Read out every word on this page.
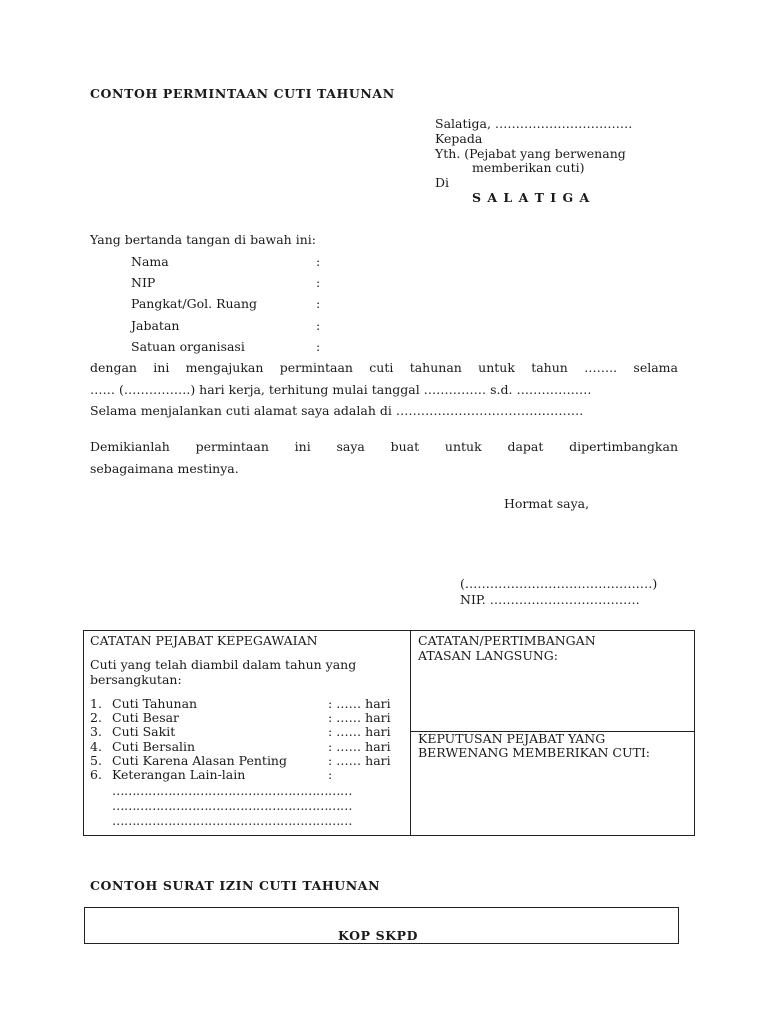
CONTOH PERMINTAAN CUTI TAHUNAN
Salatiga, ……………………………
Kepada
Yth. (Pejabat yang berwenang
memberikan cuti)
Di
S A L A T I G A
Yang bertanda tangan di bawah ini:
Nama	:
NIP	:
Pangkat/Gol. Ruang	:
Jabatan	:
Satuan organisasi	:
dengan ini mengajukan permintaan cuti tahunan untuk tahun …….. selama
…… (…………….) hari kerja, terhitung mulai tanggal …………… s.d. ………………
Selama menjalankan cuti alamat saya adalah di ………………………………………
Demikianlah permintaan ini saya buat untuk dapat dipertimbangkan
sebagaimana mestinya.
Hormat saya,
(………………………………………)
NIP. ………………………………
CATATAN PEJABAT KEPEGAWAIAN
Cuti yang telah diambil dalam tahun yang
bersangkutan:
1. Cuti Tahunan	: …… hari
2. Cuti Besar	: …… hari
3. Cuti Sakit	: …… hari
4. Cuti Bersalin	: …… hari
5. Cuti Karena Alasan Penting	: …… hari
6. Keterangan Lain-lain	:
……………………………………………………
……………………………………………………
……………………………………………………
CATATAN/PERTIMBANGAN
ATASAN LANGSUNG:
KEPUTUSAN PEJABAT YANG
BERWENANG MEMBERIKAN CUTI:
CONTOH SURAT IZIN CUTI TAHUNAN
KOP SKPD
